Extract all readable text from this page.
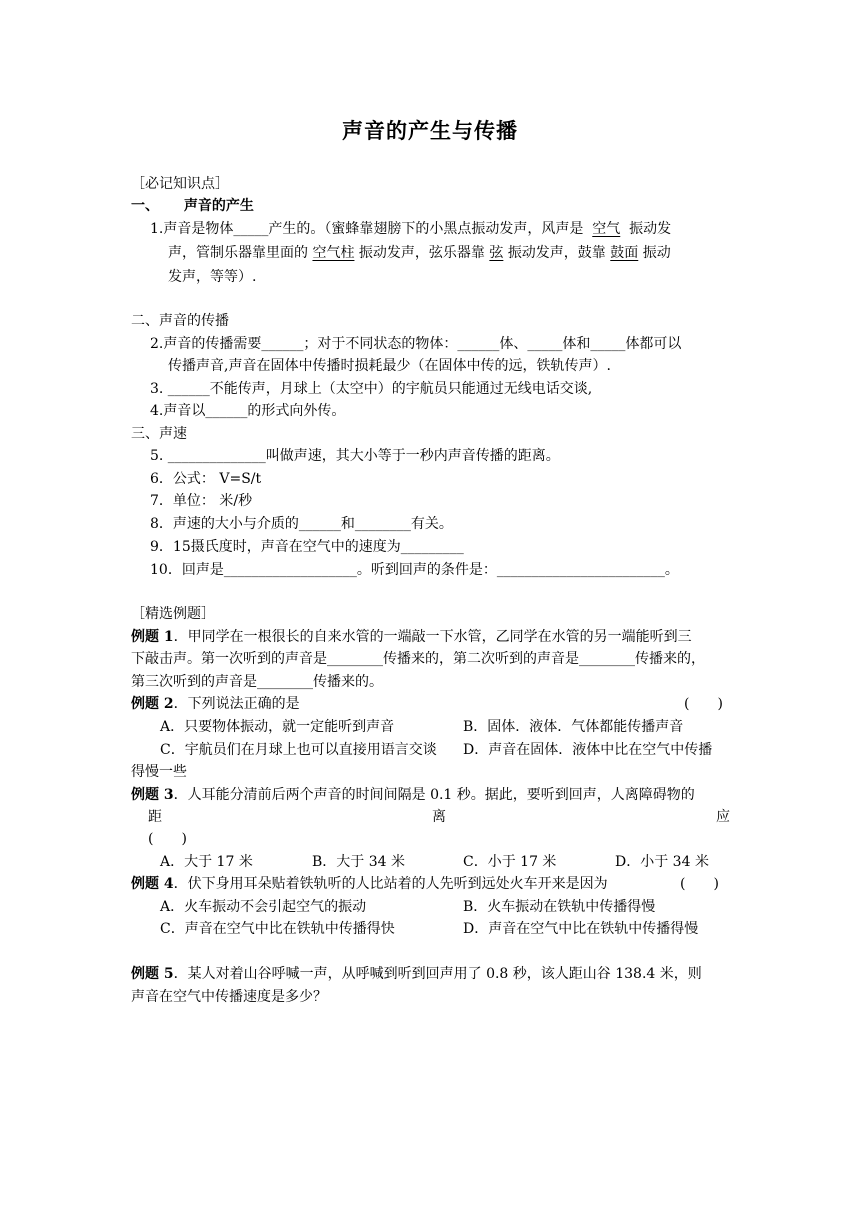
声音的产生与传播
［必记知识点］
一、 声音的产生
1.声音是物体_____产生的。（蜜蜂靠翅膀下的小黑点振动发声，风声是 空气 振动发
声，管制乐器靠里面的 空气柱 振动发声，弦乐器靠 弦 振动发声，鼓靠 鼓面 振动
发声，等等）.
二、声音的传播
2.声音的传播需要______；对于不同状态的物体：______体、_____体和_____体都可以
传播声音,声音在固体中传播时损耗最少（在固体中传的远，铁轨传声）.
3. ______不能传声，月球上（太空中）的宇航员只能通过无线电话交谈,
4.声音以______的形式向外传。
三、声速
5. ______________叫做声速，其大小等于一秒内声音传播的距离。
6．公式： V=S/t
7．单位： 米/秒
8．声速的大小与介质的______和________有关。
9．15摄氏度时，声音在空气中的速度为_________
10．回声是___________________。听到回声的条件是：________________________。
［精选例题］
例题 1．甲同学在一根很长的自来水管的一端敲一下水管，乙同学在水管的另一端能听到三
下敲击声。第一次听到的声音是________传播来的，第二次听到的声音是________传播来的，
第三次听到的声音是________传播来的。
例题 2．下列说法正确的是	(　　)
A．只要物体振动，就一定能听到声音	B．固体．液体．气体都能传播声音
C．宇航员们在月球上也可以直接用语言交谈 D．声音在固体．液体中比在空气中传播
得慢一些
例题 3．人耳能分清前后两个声音的时间间隔是 0.1 秒。据此，要听到回声，人离障碍物的
距	离	应
(　　)
A．大于 17 米	B．大于 34 米	C．小于 17 米	D．小于 34 米
例题 4．伏下身用耳朵贴着铁轨听的人比站着的人先听到远处火车开来是因为	(　　)
A．火车振动不会引起空气的振动	B．火车振动在铁轨中传播得慢
C．声音在空气中比在铁轨中传播得快	D．声音在空气中比在铁轨中传播得慢
例题 5．某人对着山谷呼喊一声，从呼喊到听到回声用了 0.8 秒，该人距山谷 138.4 米，则
声音在空气中传播速度是多少？
